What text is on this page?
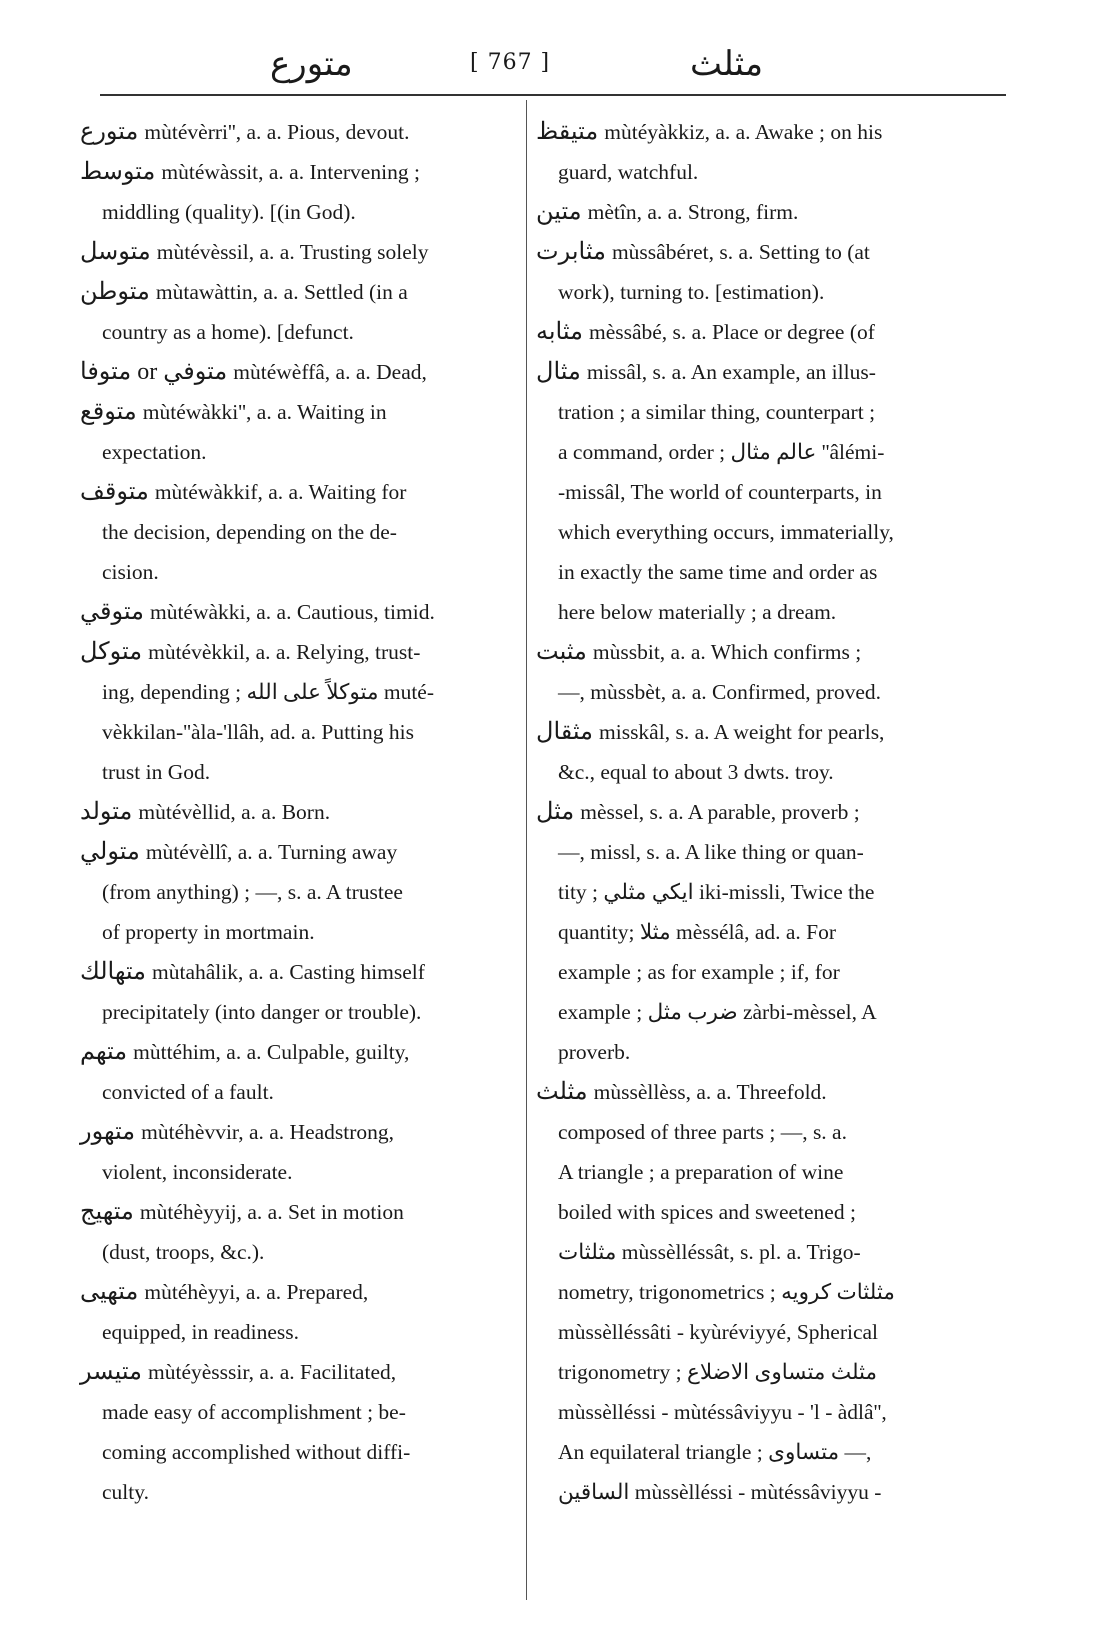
متورع	[ 767 ]	مثلث
متورع mùtévèrri'', a. a. Pious, devout.
متوسط mùtéwàssit, a. a. Intervening ;
middling (quality). [(in God).
متوسل mùtévèssil, a. a. Trusting solely
متوطن mùtawàttin, a. a. Settled (in a
country as a home). [defunct.
متوفي or متوفا mùtéwèffâ, a. a. Dead,
متوقع mùtéwàkki'', a. a. Waiting in
expectation.
متوقف mùtéwàkkif, a. a. Waiting for
the decision, depending on the de-
cision.
متوقي mùtéwàkki, a. a. Cautious, timid.
متوكل mùtévèkkil, a. a. Relying, trust-
ing, depending ; متوكلاً على الله muté-
vèkkilan-''àla-'llâh, ad. a. Putting his
trust in God.
متولد mùtévèllid, a. a. Born.
متولي mùtévèllî, a. a. Turning away
(from anything) ; —, s. a. A trustee
of property in mortmain.
متهالك mùtahâlik, a. a. Casting himself
precipitately (into danger or trouble).
متهم mùttéhim, a. a. Culpable, guilty,
convicted of a fault.
متهور mùtéhèvvir, a. a. Headstrong,
violent, inconsiderate.
متهيج mùtéhèyyij, a. a. Set in motion
(dust, troops, &c.).
متهيى mùtéhèyyi, a. a. Prepared,
equipped, in readiness.
متيسر mùtéyèsssir, a. a. Facilitated,
made easy of accomplishment ; be-
coming accomplished without diffi-
culty.
متيقظ mùtéyàkkiz, a. a. Awake ; on his
guard, watchful.
متين mètîn, a. a. Strong, firm.
مثابرت mùssâbéret, s. a. Setting to (at
work), turning to. [estimation).
مثابه mèssâbé, s. a. Place or degree (of
مثال missâl, s. a. An example, an illus-
tration ; a similar thing, counterpart ;
a command, order ; عالم مثال ''âlémi-
-missâl, The world of counterparts, in
which everything occurs, immaterially,
in exactly the same time and order as
here below materially ; a dream.
مثبت mùssbit, a. a. Which confirms ;
—, mùssbèt, a. a. Confirmed, proved.
مثقال misskâl, s. a. A weight for pearls,
&c., equal to about 3 dwts. troy.
مثل mèssel, s. a. A parable, proverb ;
—, missl, s. a. A like thing or quan-
tity ; ايكي مثلي iki-missli, Twice the
quantity; مثلا mèssélâ, ad. a. For
example ; as for example ; if, for
example ; ضرب مثل zàrbi-mèssel, A
proverb.
مثلث mùssèllèss, a. a. Threefold.
composed of three parts ; —, s. a.
A triangle ; a preparation of wine
boiled with spices and sweetened ;
مثلثات mùssèlléssât, s. pl. a. Trigo-
nometry, trigonometrics ; مثلثات كرويه
mùssèlléssâti - kyùréviyyé, Spherical
trigonometry ; مثلث متساوى الاضلاع
mùssèlléssi - mùtéssâviyyu - 'l - àdlâ'',
An equilateral triangle ; متساوى —,
الساقين mùssèlléssi - mùtéssâviyyu -
